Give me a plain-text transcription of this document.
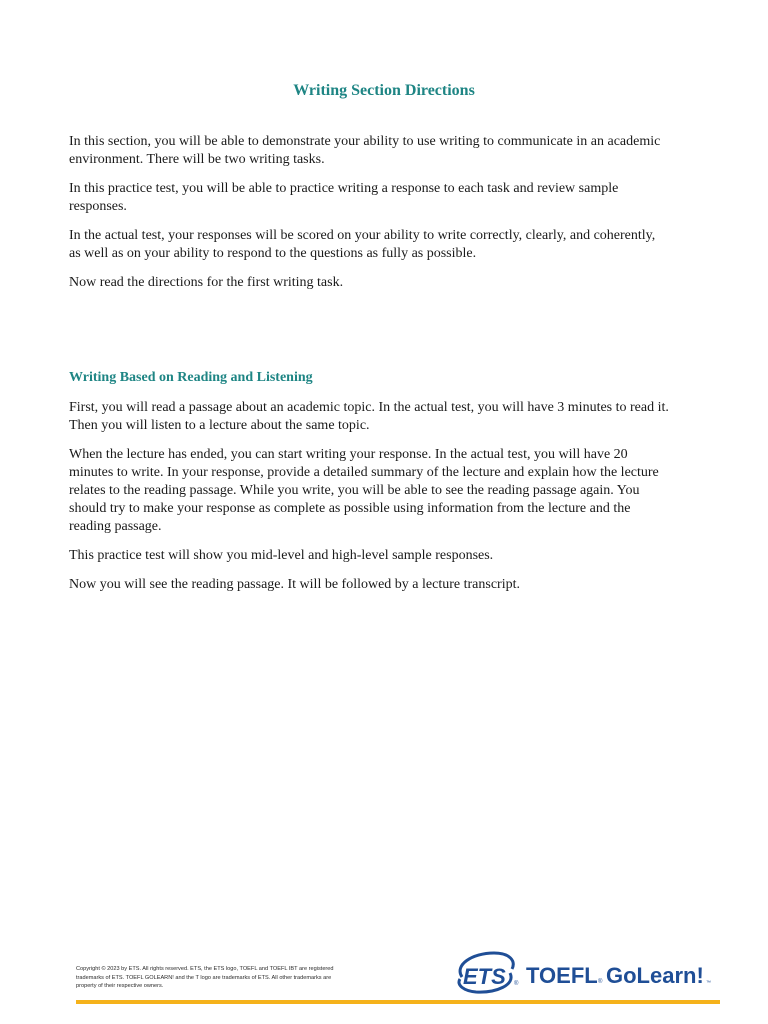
Writing Section Directions

In this section, you will be able to demonstrate your ability to use writing to communicate in an academic environment. There will be two writing tasks.

In this practice test, you will be able to practice writing a response to each task and review sample responses.

In the actual test, your responses will be scored on your ability to write correctly, clearly, and coherently, as well as on your ability to respond to the questions as fully as possible.

Now read the directions for the first writing task.

Writing Based on Reading and Listening

First, you will read a passage about an academic topic. In the actual test, you will have 3 minutes to read it. Then you will listen to a lecture about the same topic.

When the lecture has ended, you can start writing your response. In the actual test, you will have 20 minutes to write. In your response, provide a detailed summary of the lecture and explain how the lecture relates to the reading passage. While you write, you will be able to see the reading passage again. You should try to make your response as complete as possible using information from the lecture and the reading passage.

This practice test will show you mid-level and high-level sample responses.

Now you will see the reading passage. It will be followed by a lecture transcript.

Copyright © 2023 by ETS. All rights reserved. ETS, the ETS logo, TOEFL and TOEFL IBT are registered trademarks of ETS. TOEFL GOLEARN! and the T logo are trademarks of ETS. All other trademarks are property of their respective owners.	ETS ® TOEFL ® GoLearn! ™
